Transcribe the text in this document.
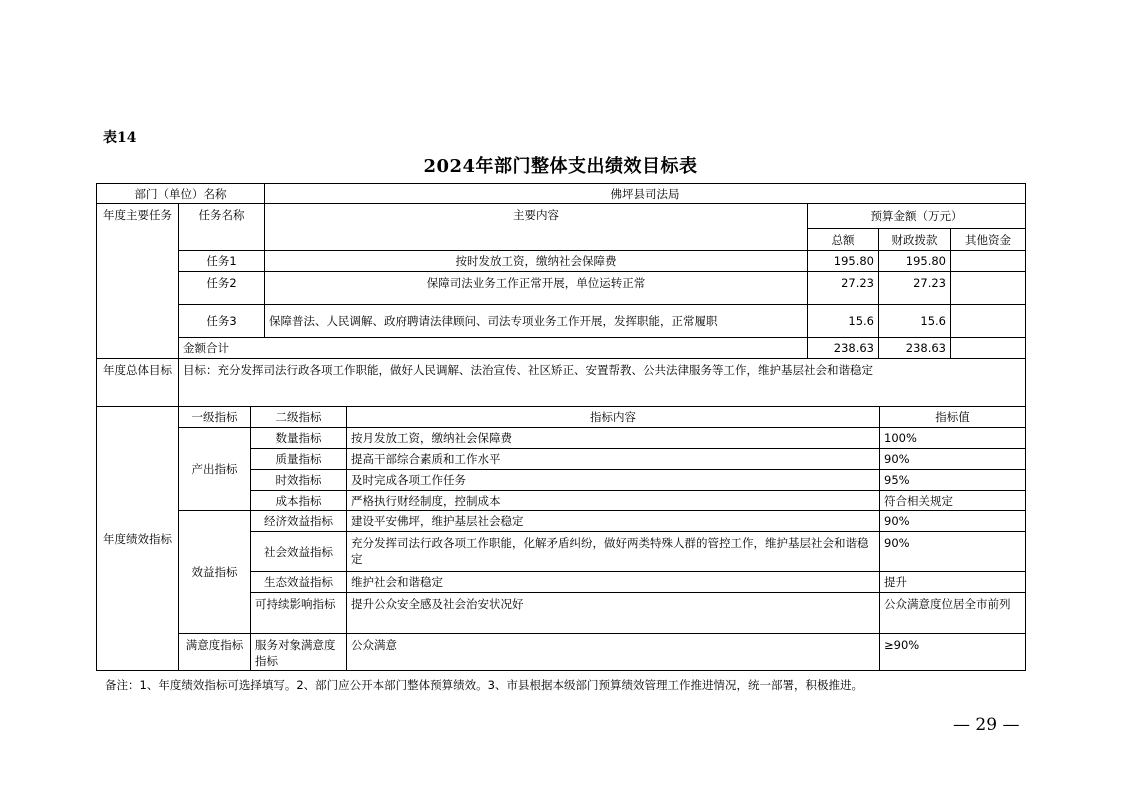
表14
2024年部门整体支出绩效目标表
部门（单位）名称		佛坪县司法局			
年度主要任务	任务名称	主要内容	预算金额（万元）		
			总额	财政拨款	其他资金
	任务1	按时发放工资，缴纳社会保障费	195.80	195.80	
	任务2	保障司法业务工作正常开展，单位运转正常	27.23	27.23	
	任务3	保障普法、人民调解、政府聘请法律顾问、司法专项业务工作开展，发挥职能，正常履职	15.6	15.6	
	金额合计		238.63	238.63	
年度总体目标	目标：充分发挥司法行政各项工作职能，做好人民调解、法治宣传、社区矫正、安置帮教、公共法律服务等工作，维护基层社会和谐稳定				
年度绩效指标	一级指标	二级指标	指标内容	指标值
	产出指标	数量指标	按月发放工资，缴纳社会保障费	100%
		质量指标	提高干部综合素质和工作水平	90%
		时效指标	及时完成各项工作任务	95%
		成本指标	严格执行财经制度，控制成本	符合相关规定
	效益指标	经济效益指标	建设平安佛坪，维护基层社会稳定	90%
		社会效益指标	充分发挥司法行政各项工作职能，化解矛盾纠纷，做好两类特殊人群的管控工作，维护基层社会和谐稳定	90%
		生态效益指标	维护社会和谐稳定	提升
		可持续影响指标	提升公众安全感及社会治安状况好	公众满意度位居全市前列
	满意度指标	服务对象满意度指标	公众满意	≥90%
备注：1、年度绩效指标可选择填写。2、部门应公开本部门整体预算绩效。3、市县根据本级部门预算绩效管理工作推进情况，统一部署，积极推进。
— 29 —
